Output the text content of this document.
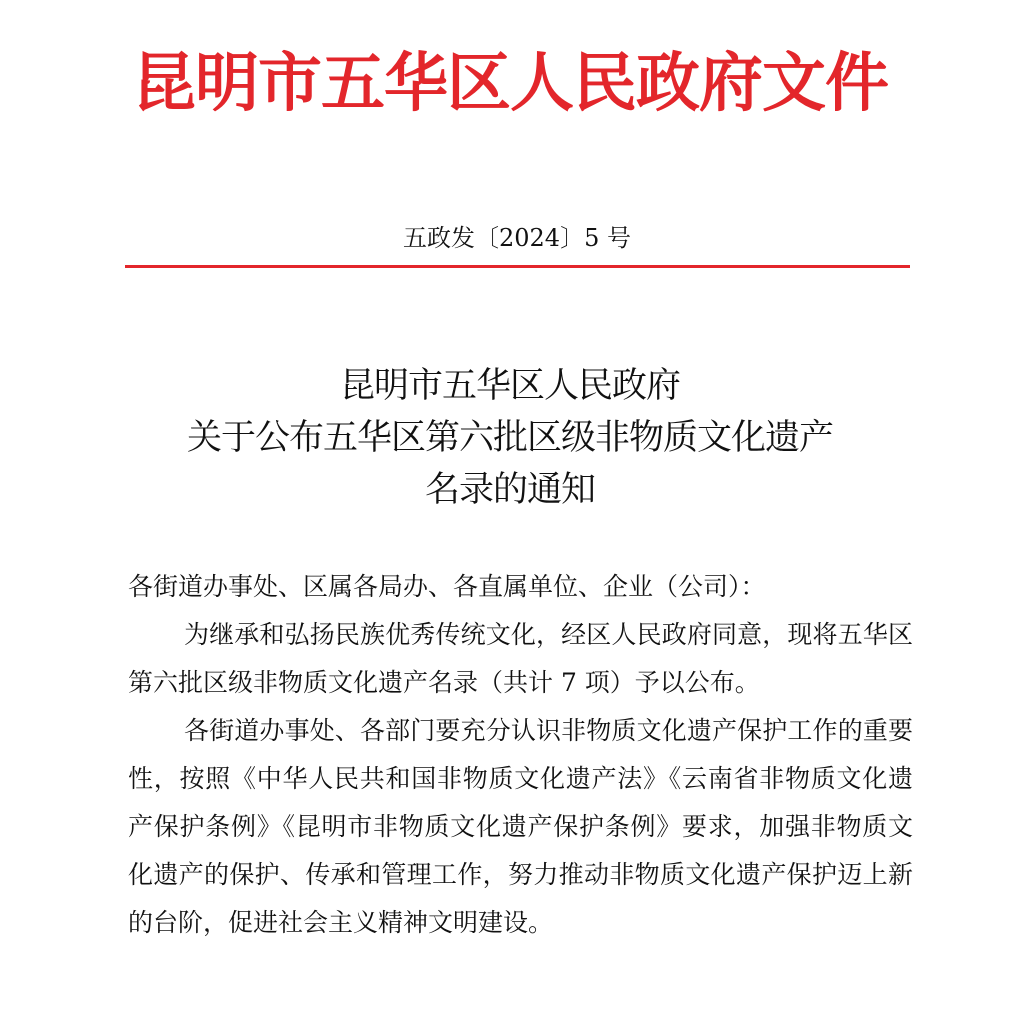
昆明市五华区人民政府文件
五政发〔2024〕5 号
昆明市五华区人民政府
关于公布五华区第六批区级非物质文化遗产
名录的通知

各街道办事处、区属各局办、各直属单位、企业（公司）：

为继承和弘扬民族优秀传统文化，经区人民政府同意，现将五华区第六批区级非物质文化遗产名录（共计 7 项）予以公布。

各街道办事处、各部门要充分认识非物质文化遗产保护工作的重要性，按照《中华人民共和国非物质文化遗产法》《云南省非物质文化遗产保护条例》《昆明市非物质文化遗产保护条例》要求，加强非物质文化遗产的保护、传承和管理工作，努力推动非物质文化遗产保护迈上新的台阶，促进社会主义精神文明建设。
